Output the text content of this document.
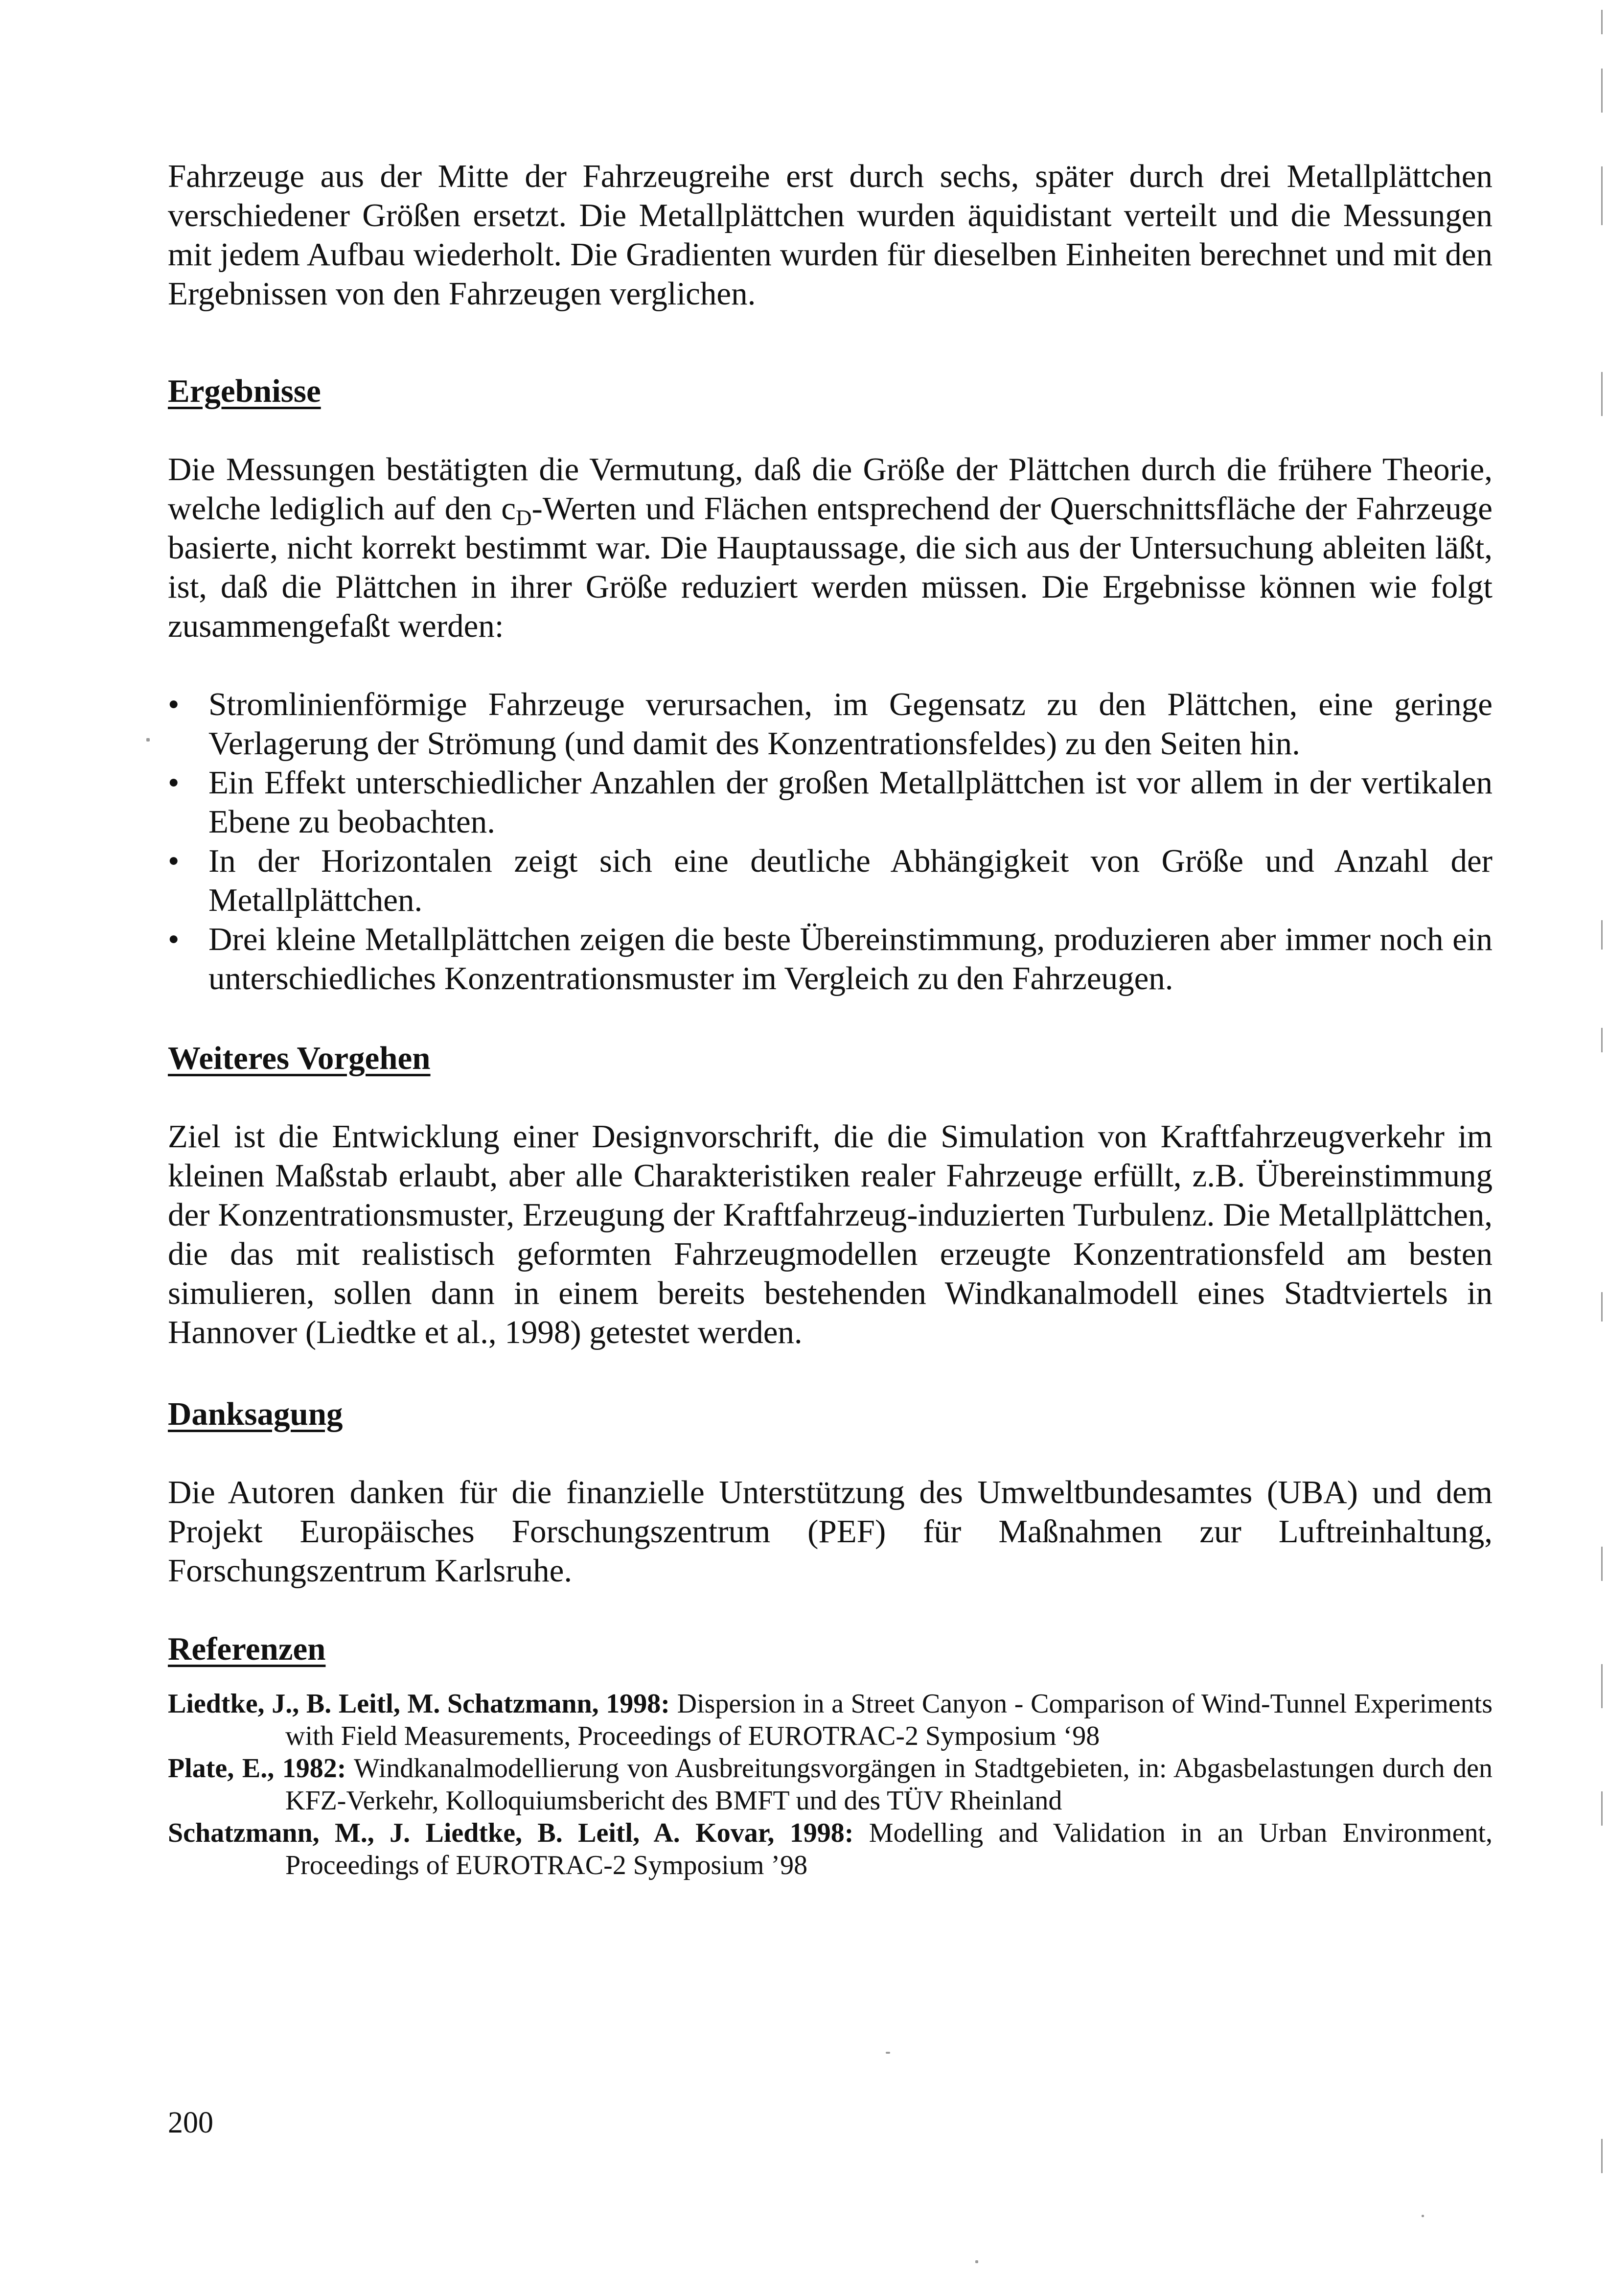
Fahrzeuge aus der Mitte der Fahrzeugreihe erst durch sechs, später durch drei Metallplättchen verschiedener Größen ersetzt. Die Metallplättchen wurden äquidistant verteilt und die Messungen mit jedem Aufbau wiederholt. Die Gradienten wurden für dieselben Einheiten berechnet und mit den Ergebnissen von den Fahrzeugen verglichen.

Ergebnisse

Die Messungen bestätigten die Vermutung, daß die Größe der Plättchen durch die frühere Theorie, welche lediglich auf den $c_D$-Werten und Flächen entsprechend der Querschnittsfläche der Fahrzeuge basierte, nicht korrekt bestimmt war. Die Hauptaussage, die sich aus der Untersuchung ableiten läßt, ist, daß die Plättchen in ihrer Größe reduziert werden müssen. Die Ergebnisse können wie folgt zusammengefaßt werden:

• Stromlinienförmige Fahrzeuge verursachen, im Gegensatz zu den Plättchen, eine geringe Verlagerung der Strömung (und damit des Konzentrationsfeldes) zu den Seiten hin.
• Ein Effekt unterschiedlicher Anzahlen der großen Metallplättchen ist vor allem in der vertikalen Ebene zu beobachten.
• In der Horizontalen zeigt sich eine deutliche Abhängigkeit von Größe und Anzahl der Metallplättchen.
• Drei kleine Metallplättchen zeigen die beste Übereinstimmung, produzieren aber immer noch ein unterschiedliches Konzentrationsmuster im Vergleich zu den Fahrzeugen.
Weiteres Vorgehen

Ziel ist die Entwicklung einer Designvorschrift, die die Simulation von Kraftfahrzeugverkehr im kleinen Maßstab erlaubt, aber alle Charakteristiken realer Fahrzeuge erfüllt, z.B. Übereinstimmung der Konzentrationsmuster, Erzeugung der Kraftfahrzeug-induzierten Turbulenz. Die Metallplättchen, die das mit realistisch geformten Fahrzeugmodellen erzeugte Konzentrationsfeld am besten simulieren, sollen dann in einem bereits bestehenden Windkanalmodell eines Stadtviertels in Hannover (Liedtke et al., 1998) getestet werden.

Danksagung

Die Autoren danken für die finanzielle Unterstützung des Umweltbundesamtes (UBA) und dem Projekt Europäisches Forschungszentrum (PEF) für Maßnahmen zur Luftreinhaltung, Forschungszentrum Karlsruhe.

Referenzen

Liedtke, J., B. Leitl, M. Schatzmann, 1998: Dispersion in a Street Canyon - Comparison of Wind-Tunnel Experiments with Field Measurements, Proceedings of EUROTRAC-2 Symposium ‘98

Plate, E., 1982: Windkanalmodellierung von Ausbreitungsvorgängen in Stadtgebieten, in: Abgasbelastungen durch den KFZ-Verkehr, Kolloquiumsbericht des BMFT und des TÜV Rheinland

Schatzmann, M., J. Liedtke, B. Leitl, A. Kovar, 1998: Modelling and Validation in an Urban Environment, Proceedings of EUROTRAC-2 Symposium ’98

200
